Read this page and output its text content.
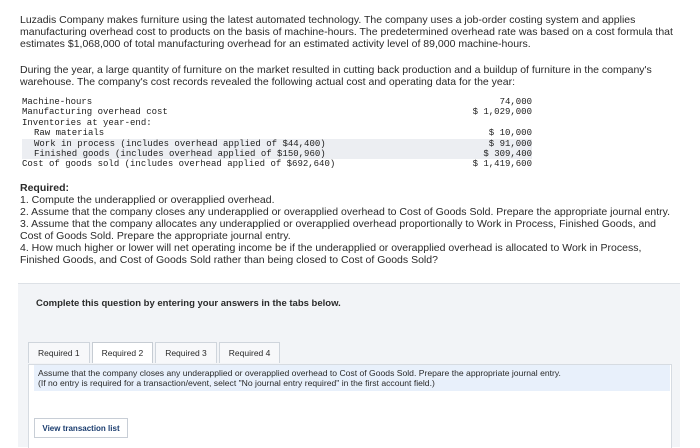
Luzadis Company makes furniture using the latest automated technology. The company uses a job-order costing system and applies manufacturing overhead cost to products on the basis of machine-hours. The predetermined overhead rate was based on a cost formula that estimates $1,068,000 of total manufacturing overhead for an estimated activity level of 89,000 machine-hours.

During the year, a large quantity of furniture on the market resulted in cutting back production and a buildup of furniture in the company's warehouse. The company's cost records revealed the following actual cost and operating data for the year:

Machine-hours	74,000
Manufacturing overhead cost	$ 1,029,000
Inventories at year-end:
Raw materials	$ 10,000
Work in process (includes overhead applied of $44,400)	$ 91,000
Finished goods (includes overhead applied of $150,960)	$ 309,400
Cost of goods sold (includes overhead applied of $692,640)	$ 1,419,600
Required:

1. Compute the underapplied or overapplied overhead.

2. Assume that the company closes any underapplied or overapplied overhead to Cost of Goods Sold. Prepare the appropriate journal entry.

3. Assume that the company allocates any underapplied or overapplied overhead proportionally to Work in Process, Finished Goods, and Cost of Goods Sold. Prepare the appropriate journal entry.

4. How much higher or lower will net operating income be if the underapplied or overapplied overhead is allocated to Work in Process, Finished Goods, and Cost of Goods Sold rather than being closed to Cost of Goods Sold?

Complete this question by entering your answers in the tabs below.
Required 1	Required 2	Required 3	Required 4
Assume that the company closes any underapplied or overapplied overhead to Cost of Goods Sold. Prepare the appropriate journal entry.
(If no entry is required for a transaction/event, select "No journal entry required" in the first account field.)
View transaction list
